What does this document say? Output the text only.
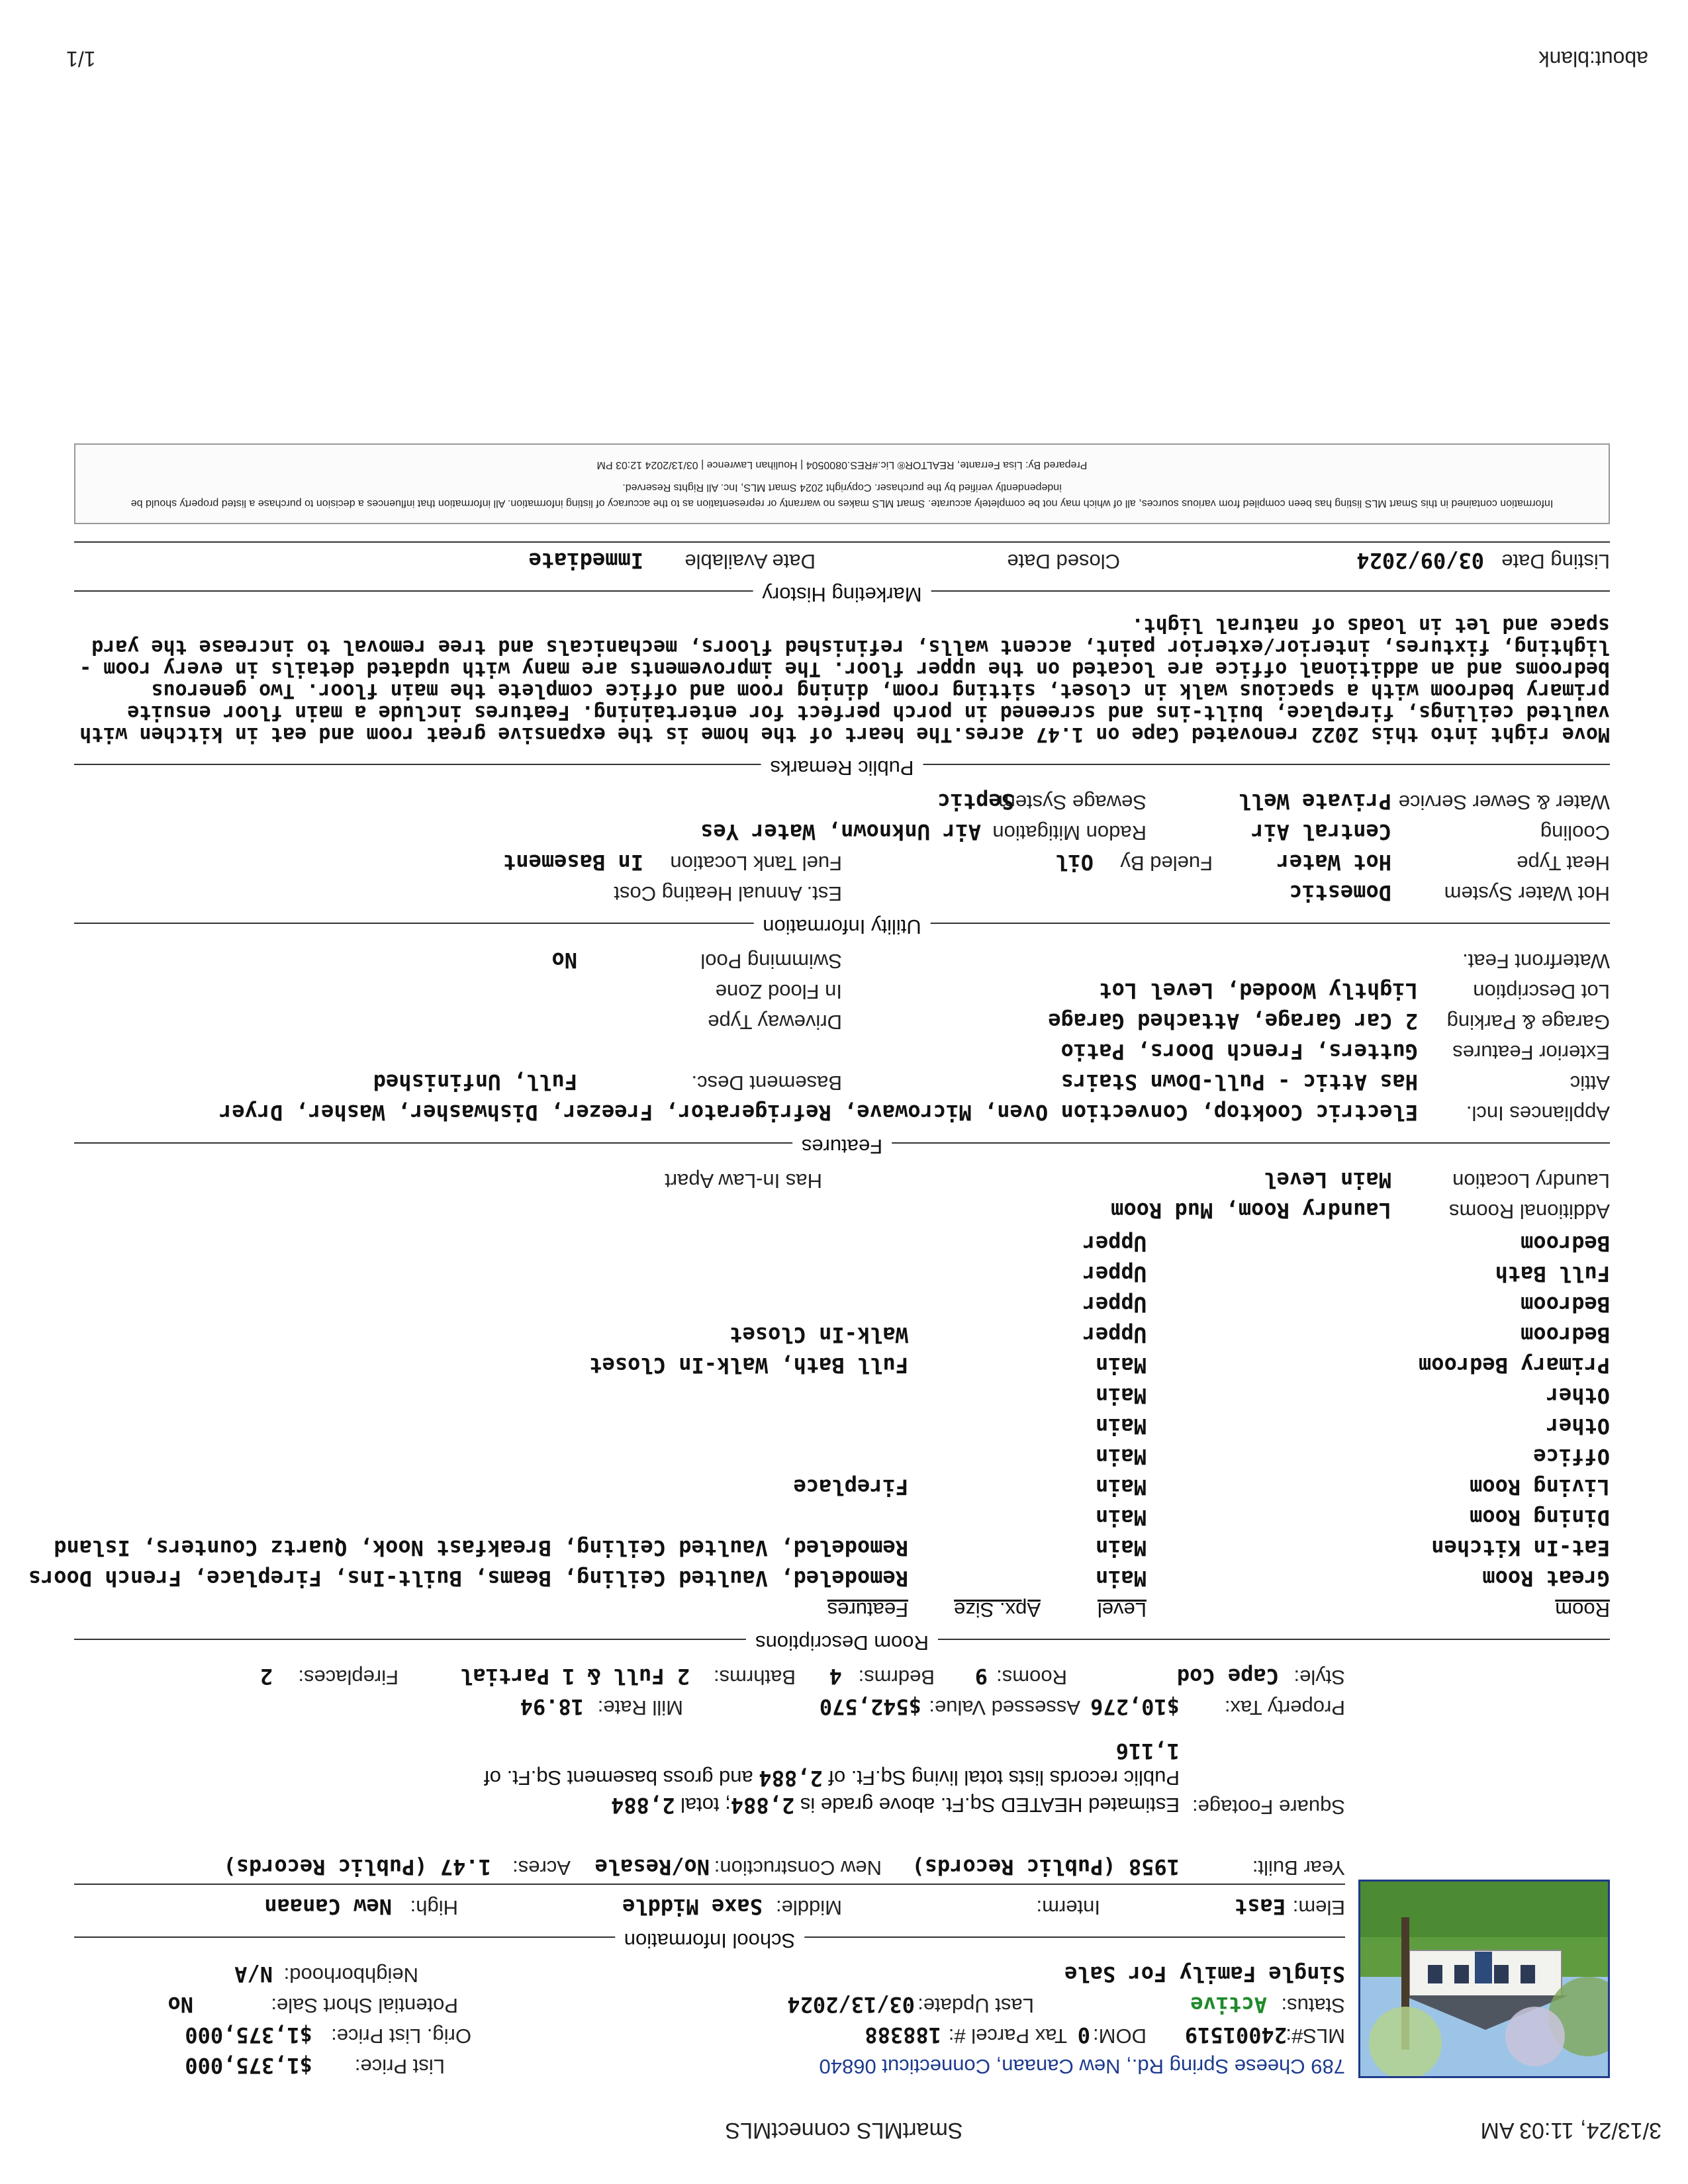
3/13/24, 11:03 AM
SmartMLS connectMLS
about:blank
1/1
789 Cheese Spring Rd., New Canaan, Connecticut 06840
List Price:
$1,375,000
MLS#:
24001519
DOM:
0
Tax Parcel #:
188388
Orig. List Price:
$1,375,000
Status:
Active
Last Update:
03/13/2024
Potential Short Sale:
No
Single Family For Sale
Neighborhood:
N/A
School Information
Elem:
East
Interm:
Middle:
Saxe Middle
High:
New Canaan
Year Built:
1958 (Public Records)
New Construction:
No/Resale
Acres:
1.47 (Public Records)
Square Footage:
Estimated HEATED Sq.Ft. above grade is 2,884; total 2,884
Public records lists total living Sq.Ft. of 2,884 and gross basement Sq.Ft. of
1,116
Property Tax:
$10,276
Assessed Value:
$542,570
Mill Rate:
18.94
Style:
Cape Cod
Rooms:
9
Bedrms:
4
Bathrms:
2 Full & 1 Partial
Fireplaces:
2
Room Descriptions
Room
Level
Apx. Size
Features
Great Room
Main
Remodeled, Vaulted Ceiling, Beams, Built-Ins, Fireplace, French Doors
Eat-In Kitchen
Main
Remodeled, Vaulted Ceiling, Breakfast Nook, Quartz Counters, Island
Dining Room
Main
Living Room
Main
Fireplace
Office
Main
Other
Main
Other
Main
Primary Bedroom
Main
Full Bath, Walk-In Closet
Bedroom
Upper
Walk-In Closet
Bedroom
Upper
Full Bath
Upper
Bedroom
Upper
Additional Rooms
Laundry Room, Mud Room
Laundry Location
Main Level
Has In-Law Apart
Features
Appliances Incl.
Electric Cooktop, Convection Oven, Microwave, Refrigerator, Freezer, Dishwasher, Washer, Dryer
Attic
Has Attic - Pull-Down Stairs
Basement Desc.
Full, Unfinished
Exterior Features
Gutters, French Doors, Patio
Garage & Parking
2 Car Garage, Attached Garage
Driveway Type
Lot Description
Lightly Wooded, Level Lot
In Flood Zone
Waterfront Feat.
Swimming Pool
No
Utility Information
Hot Water System
Domestic
Est. Annual Heating Cost
Heat Type
Hot Water
Fueled By
Oil
Fuel Tank Location
In Basement
Cooling
Central Air
Radon Mitigation
Air Unknown, Water Yes
Water & Sewer Service
Private Well
Sewage System
Septic
Public Remarks
Move right into this 2022 renovated Cape on 1.47 acres.The heart of the home is the expansive great room and eat in kitchen with vaulted ceilings, fireplace, built-ins and screened in porch perfect for entertaining. Features include a main floor ensuite primary bedroom with a spacious walk in closet, sitting room, dining room and office complete the main floor. Two generous bedrooms and an additional office are located on the upper floor. The improvements are many with updated details in every room - lighting, fixtures, interior/exterior paint, accent walls, refinished floors, mechanicals and tree removal to increase the yard space and let in loads of natural light.
Marketing History
Listing Date
03/09/2024
Closed Date
Date Available
Immediate
Information contained in this Smart MLS listing has been compiled from various sources, all of which may not be completely accurate. Smart MLS makes no warranty or representation as to the accuracy of listing information. All information that influences a decision to purchase a listed property should be
independently verified by the purchaser. Copyright 2024 Smart MLS, Inc. All Rights Reserved.
Prepared By: Lisa Ferrante, REALTOR® Lic.#RES.0800504 | Houlihan Lawrence | 03/13/2024 12:03 PM
